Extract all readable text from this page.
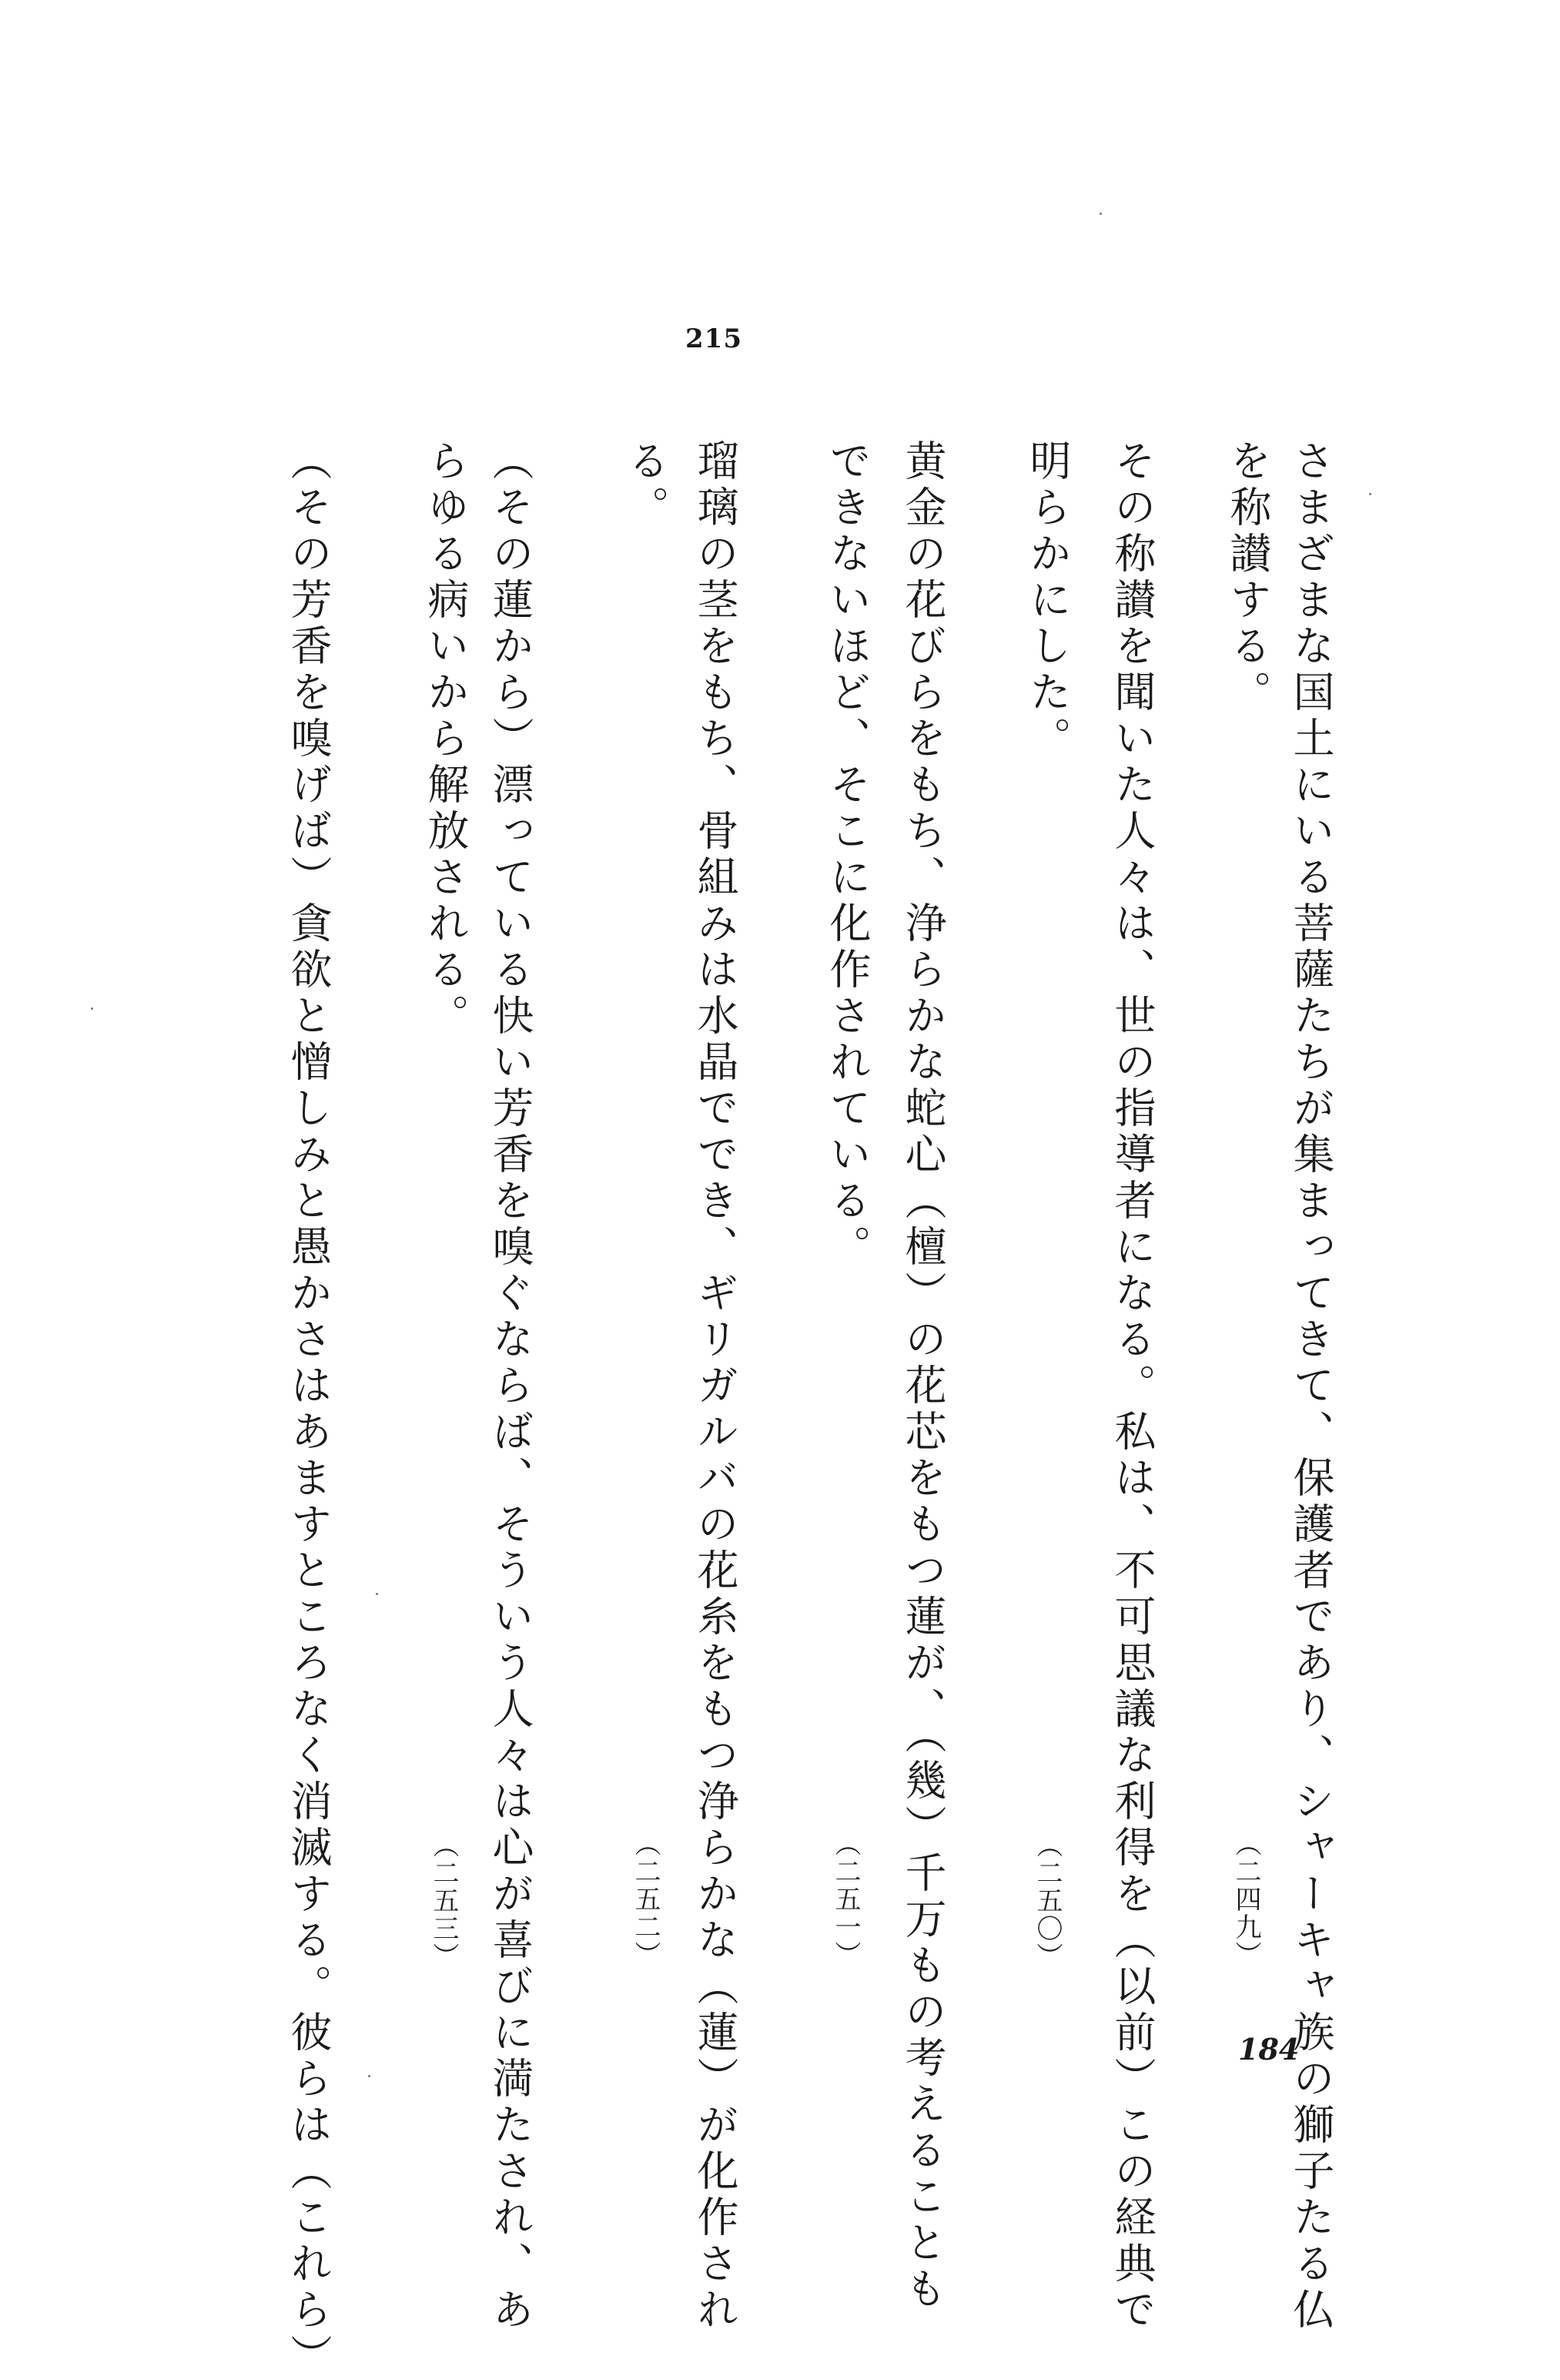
215
さまざまな国土にいる菩薩たちが集まってきて、保護者であり、シャーキャ族の獅子たる仏
を称讃する。
（二四九）
その称讃を聞いた人々は、世の指導者になる。私は、不可思議な利得を（以前）この経典で
明らかにした。
（二五〇）
黄金の花びらをもち、浄らかな蛇心（檀）の花芯をもつ蓮が、（幾）千万もの考えることも
できないほど、そこに化作されている。
（二五一）
瑠璃の茎をもち、骨組みは水晶ででき、ギリガルバの花糸をもつ浄らかな（蓮）が化作され
る。
（二五二）
（その蓮から）漂っている快い芳香を嗅ぐならば、そういう人々は心が喜びに満たされ、あ
らゆる病いから解放される。
（二五三）
（その芳香を嗅げば）貪欲と憎しみと愚かさはあますところなく消滅する。彼らは（これら）	184
